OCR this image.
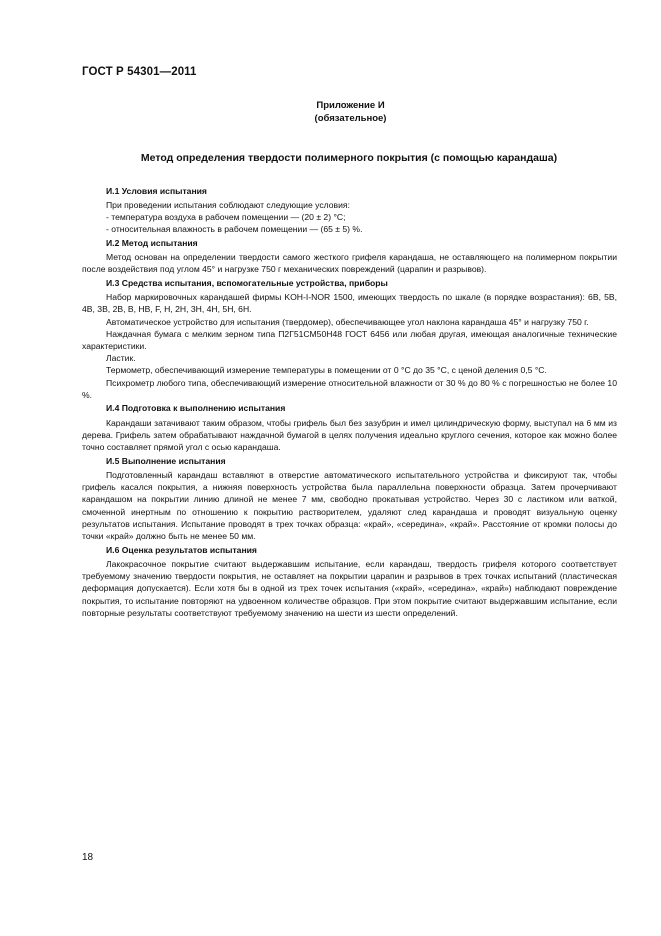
ГОСТ Р 54301—2011
Приложение И
(обязательное)
Метод определения твердости полимерного покрытия (с помощью карандаша)
И.1 Условия испытания

При проведении испытания соблюдают следующие условия:

- температура воздуха в рабочем помещении — (20 ± 2) °С;
- относительная влажность в рабочем помещении — (65 ± 5) %.
И.2 Метод испытания

Метод основан на определении твердости самого жесткого грифеля карандаша, не оставляющего на полимерном покрытии после воздействия под углом 45° и нагрузке 750 г механических повреждений (царапин и разрывов).

И.3 Средства испытания, вспомогательные устройства, приборы

Набор маркировочных карандашей фирмы KOH-I-NOR 1500, имеющих твердость по шкале (в порядке возрастания): 6В, 5В, 4В, 3В, 2В, В, НВ, F, Н, 2Н, 3Н, 4Н, 5Н, 6Н.

Автоматическое устройство для испытания (твердомер), обеспечивающее угол наклона карандаша 45° и нагрузку 750 г.

Наждачная бумага с мелким зерном типа П2Г51СМ50Н48 ГОСТ 6456 или любая другая, имеющая аналогичные технические характеристики.

Ластик.

Термометр, обеспечивающий измерение температуры в помещении от 0 °С до 35 °С, с ценой деления 0,5 °С.

Психрометр любого типа, обеспечивающий измерение относительной влажности от 30 % до 80 % с погрешностью не более 10 %.

И.4 Подготовка к выполнению испытания

Карандаши затачивают таким образом, чтобы грифель был без зазубрин и имел цилиндрическую форму, выступал на 6 мм из дерева. Грифель затем обрабатывают наждачной бумагой в целях получения идеально круглого сечения, которое как можно более точно составляет прямой угол с осью карандаша.

И.5 Выполнение испытания

Подготовленный карандаш вставляют в отверстие автоматического испытательного устройства и фиксируют так, чтобы грифель касался покрытия, а нижняя поверхность устройства была параллельна поверхности образца. Затем прочерчивают карандашом на покрытии линию длиной не менее 7 мм, свободно прокатывая устройство. Через 30 с ластиком или ваткой, смоченной инертным по отношению к покрытию растворителем, удаляют след карандаша и проводят визуальную оценку результатов испытания. Испытание проводят в трех точках образца: «край», «середина», «край». Расстояние от кромки полосы до точки «край» должно быть не менее 50 мм.

И.6 Оценка результатов испытания

Лакокрасочное покрытие считают выдержавшим испытание, если карандаш, твердость грифеля которого соответствует требуемому значению твердости покрытия, не оставляет на покрытии царапин и разрывов в трех точках испытаний (пластическая деформация допускается). Если хотя бы в одной из трех точек испытания («край», «середина», «край») наблюдают повреждение покрытия, то испытание повторяют на удвоенном количестве образцов. При этом покрытие считают выдержавшим испытание, если повторные результаты соответствуют требуемому значению на шести из шести определений.

18
